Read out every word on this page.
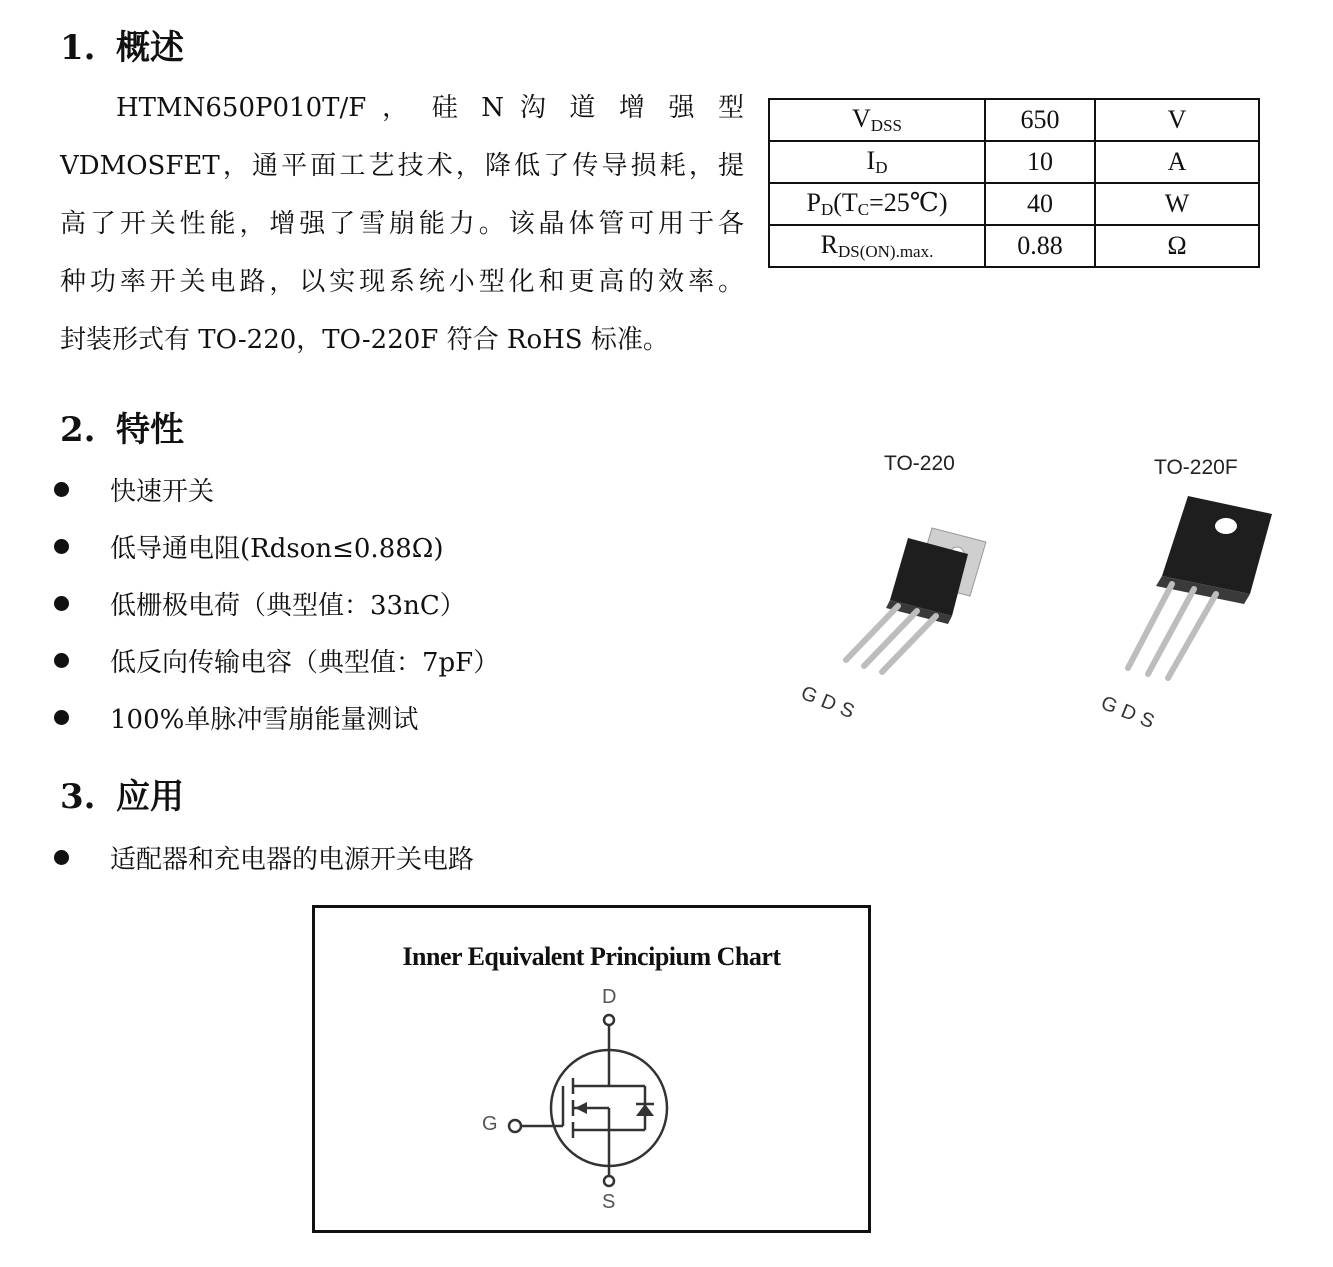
1. 概述
HTMN650P010T/F ， 硅 N 沟 道 增 强 型
VDMOSFET，通平面工艺技术，降低了传导损耗，提
高了开关性能，增强了雪崩能力。该晶体管可用于各
种功率开关电路，以实现系统小型化和更高的效率。
封装形式有 TO-220，TO-220F 符合 RoHS 标准。
$V_{DSS}$	650	V
$I_D$	10	A
$P_D(T_C=25℃)$	40	W
$R_{DS(ON).max.}$	0.88	Ω
2. 特性
快速开关
低导通电阻(Rdson≤0.88Ω)
低栅极电荷（典型值：33nC）
低反向传输电容（典型值：7pF）
100%单脉冲雪崩能量测试
TO-220	TO-220F
GDS	GDS
3. 应用
适配器和充电器的电源开关电路
Inner Equivalent Principium Chart
D
G
S
